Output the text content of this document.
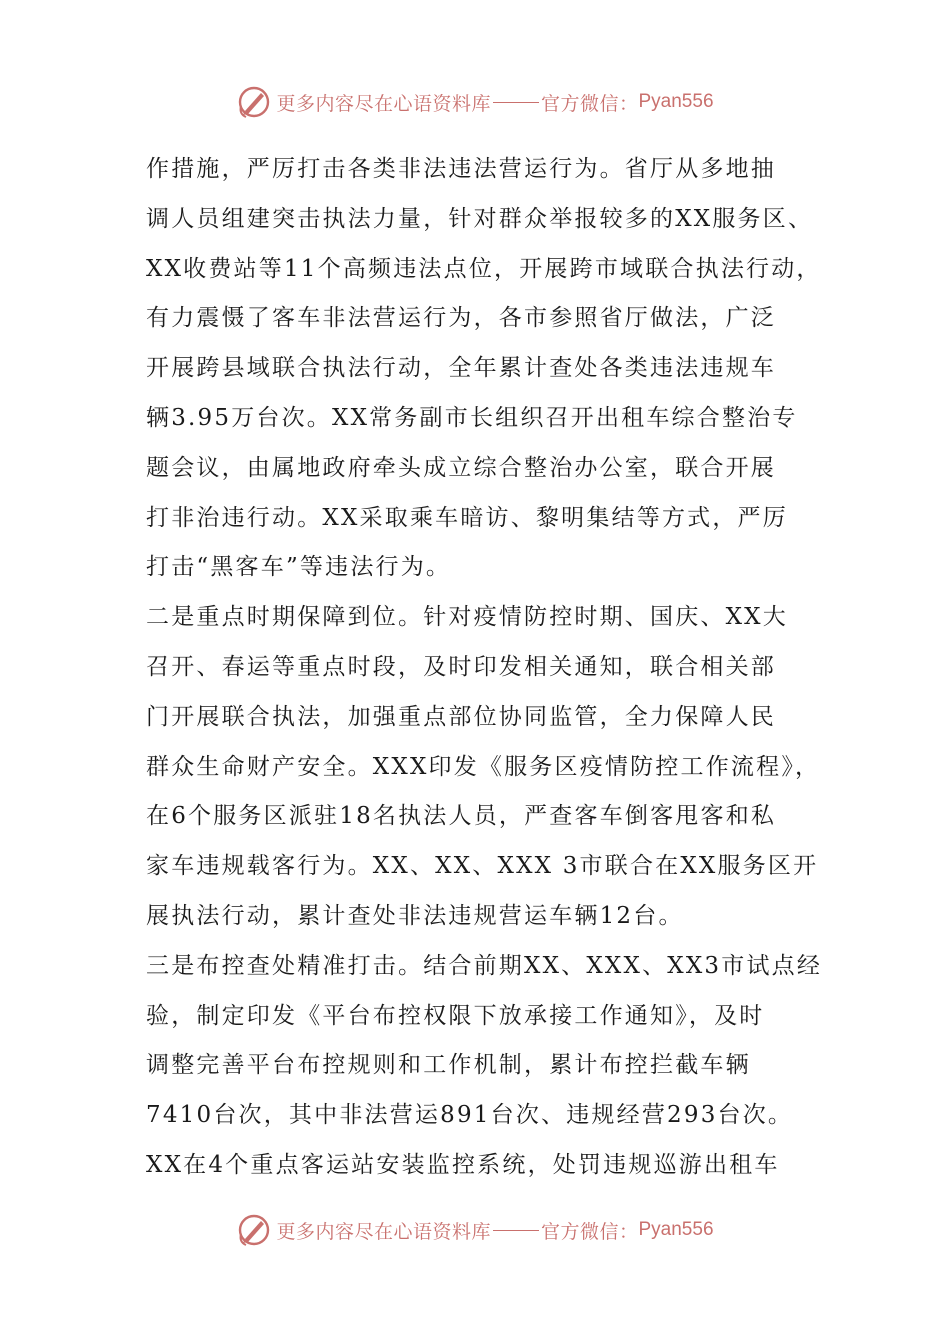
更多内容尽在心语资料库	官方微信： Pyan556
作措施，严厉打击各类非法违法营运行为。省厅从多地抽
调人员组建突击执法力量，针对群众举报较多的XX服务区、
XX收费站等11个高频违法点位，开展跨市域联合执法行动，
有力震慑了客车非法营运行为，各市参照省厅做法，广泛
开展跨县域联合执法行动，全年累计查处各类违法违规车
辆3.95万台次。XX常务副市长组织召开出租车综合整治专
题会议，由属地政府牵头成立综合整治办公室，联合开展
打非治违行动。XX采取乘车暗访、黎明集结等方式，严厉
打击“黑客车”等违法行为。
二是重点时期保障到位。针对疫情防控时期、国庆、XX大
召开、春运等重点时段，及时印发相关通知，联合相关部
门开展联合执法，加强重点部位协同监管，全力保障人民
群众生命财产安全。XXX印发《服务区疫情防控工作流程》，
在6个服务区派驻18名执法人员，严查客车倒客甩客和私
家车违规载客行为。XX、XX、XXX 3市联合在XX服务区开
展执法行动，累计查处非法违规营运车辆12台。
三是布控查处精准打击。结合前期XX、XXX、XX3市试点经
验，制定印发《平台布控权限下放承接工作通知》，及时
调整完善平台布控规则和工作机制，累计布控拦截车辆
7410台次，其中非法营运891台次、违规经营293台次。
XX在4个重点客运站安装监控系统，处罚违规巡游出租车
更多内容尽在心语资料库	官方微信： Pyan556
